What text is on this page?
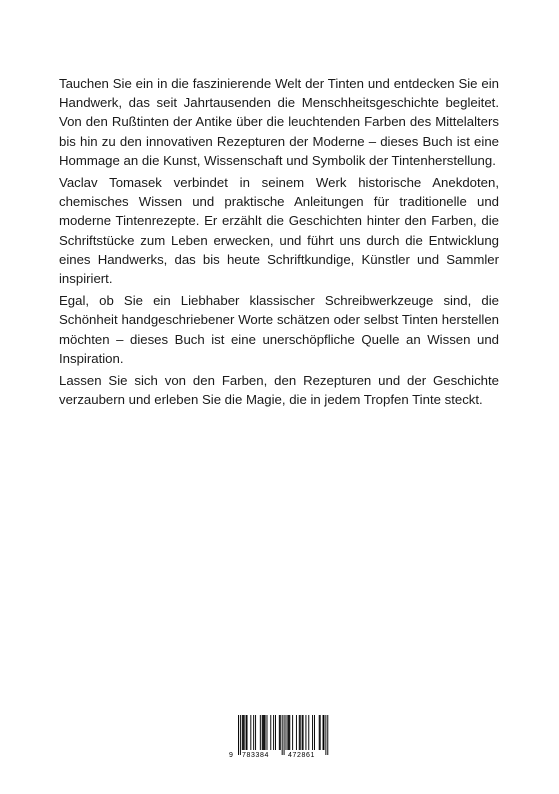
Tauchen Sie ein in die faszinierende Welt der Tinten und entdecken Sie ein Handwerk, das seit Jahrtausenden die Menschheitsgeschichte begleitet. Von den Rußtinten der Antike über die leuchtenden Farben des Mittelalters bis hin zu den innovativen Rezepturen der Moderne – dieses Buch ist eine Hommage an die Kunst, Wissenschaft und Symbolik der Tintenherstellung.

Vaclav Tomasek verbindet in seinem Werk historische Anekdoten, chemisches Wissen und praktische Anleitungen für traditionelle und moderne Tintenrezepte. Er erzählt die Geschichten hinter den Farben, die Schriftstücke zum Leben erwecken, und führt uns durch die Entwicklung eines Handwerks, das bis heute Schriftkundige, Künstler und Sammler inspiriert.

Egal, ob Sie ein Liebhaber klassischer Schreibwerkzeuge sind, die Schönheit handgeschriebener Worte schätzen oder selbst Tinten herstellen möchten – dieses Buch ist eine unerschöpfliche Quelle an Wissen und Inspiration.

Lassen Sie sich von den Farben, den Rezepturen und der Geschichte verzaubern und erleben Sie die Magie, die in jedem Tropfen Tinte steckt.

9 783384	472861
